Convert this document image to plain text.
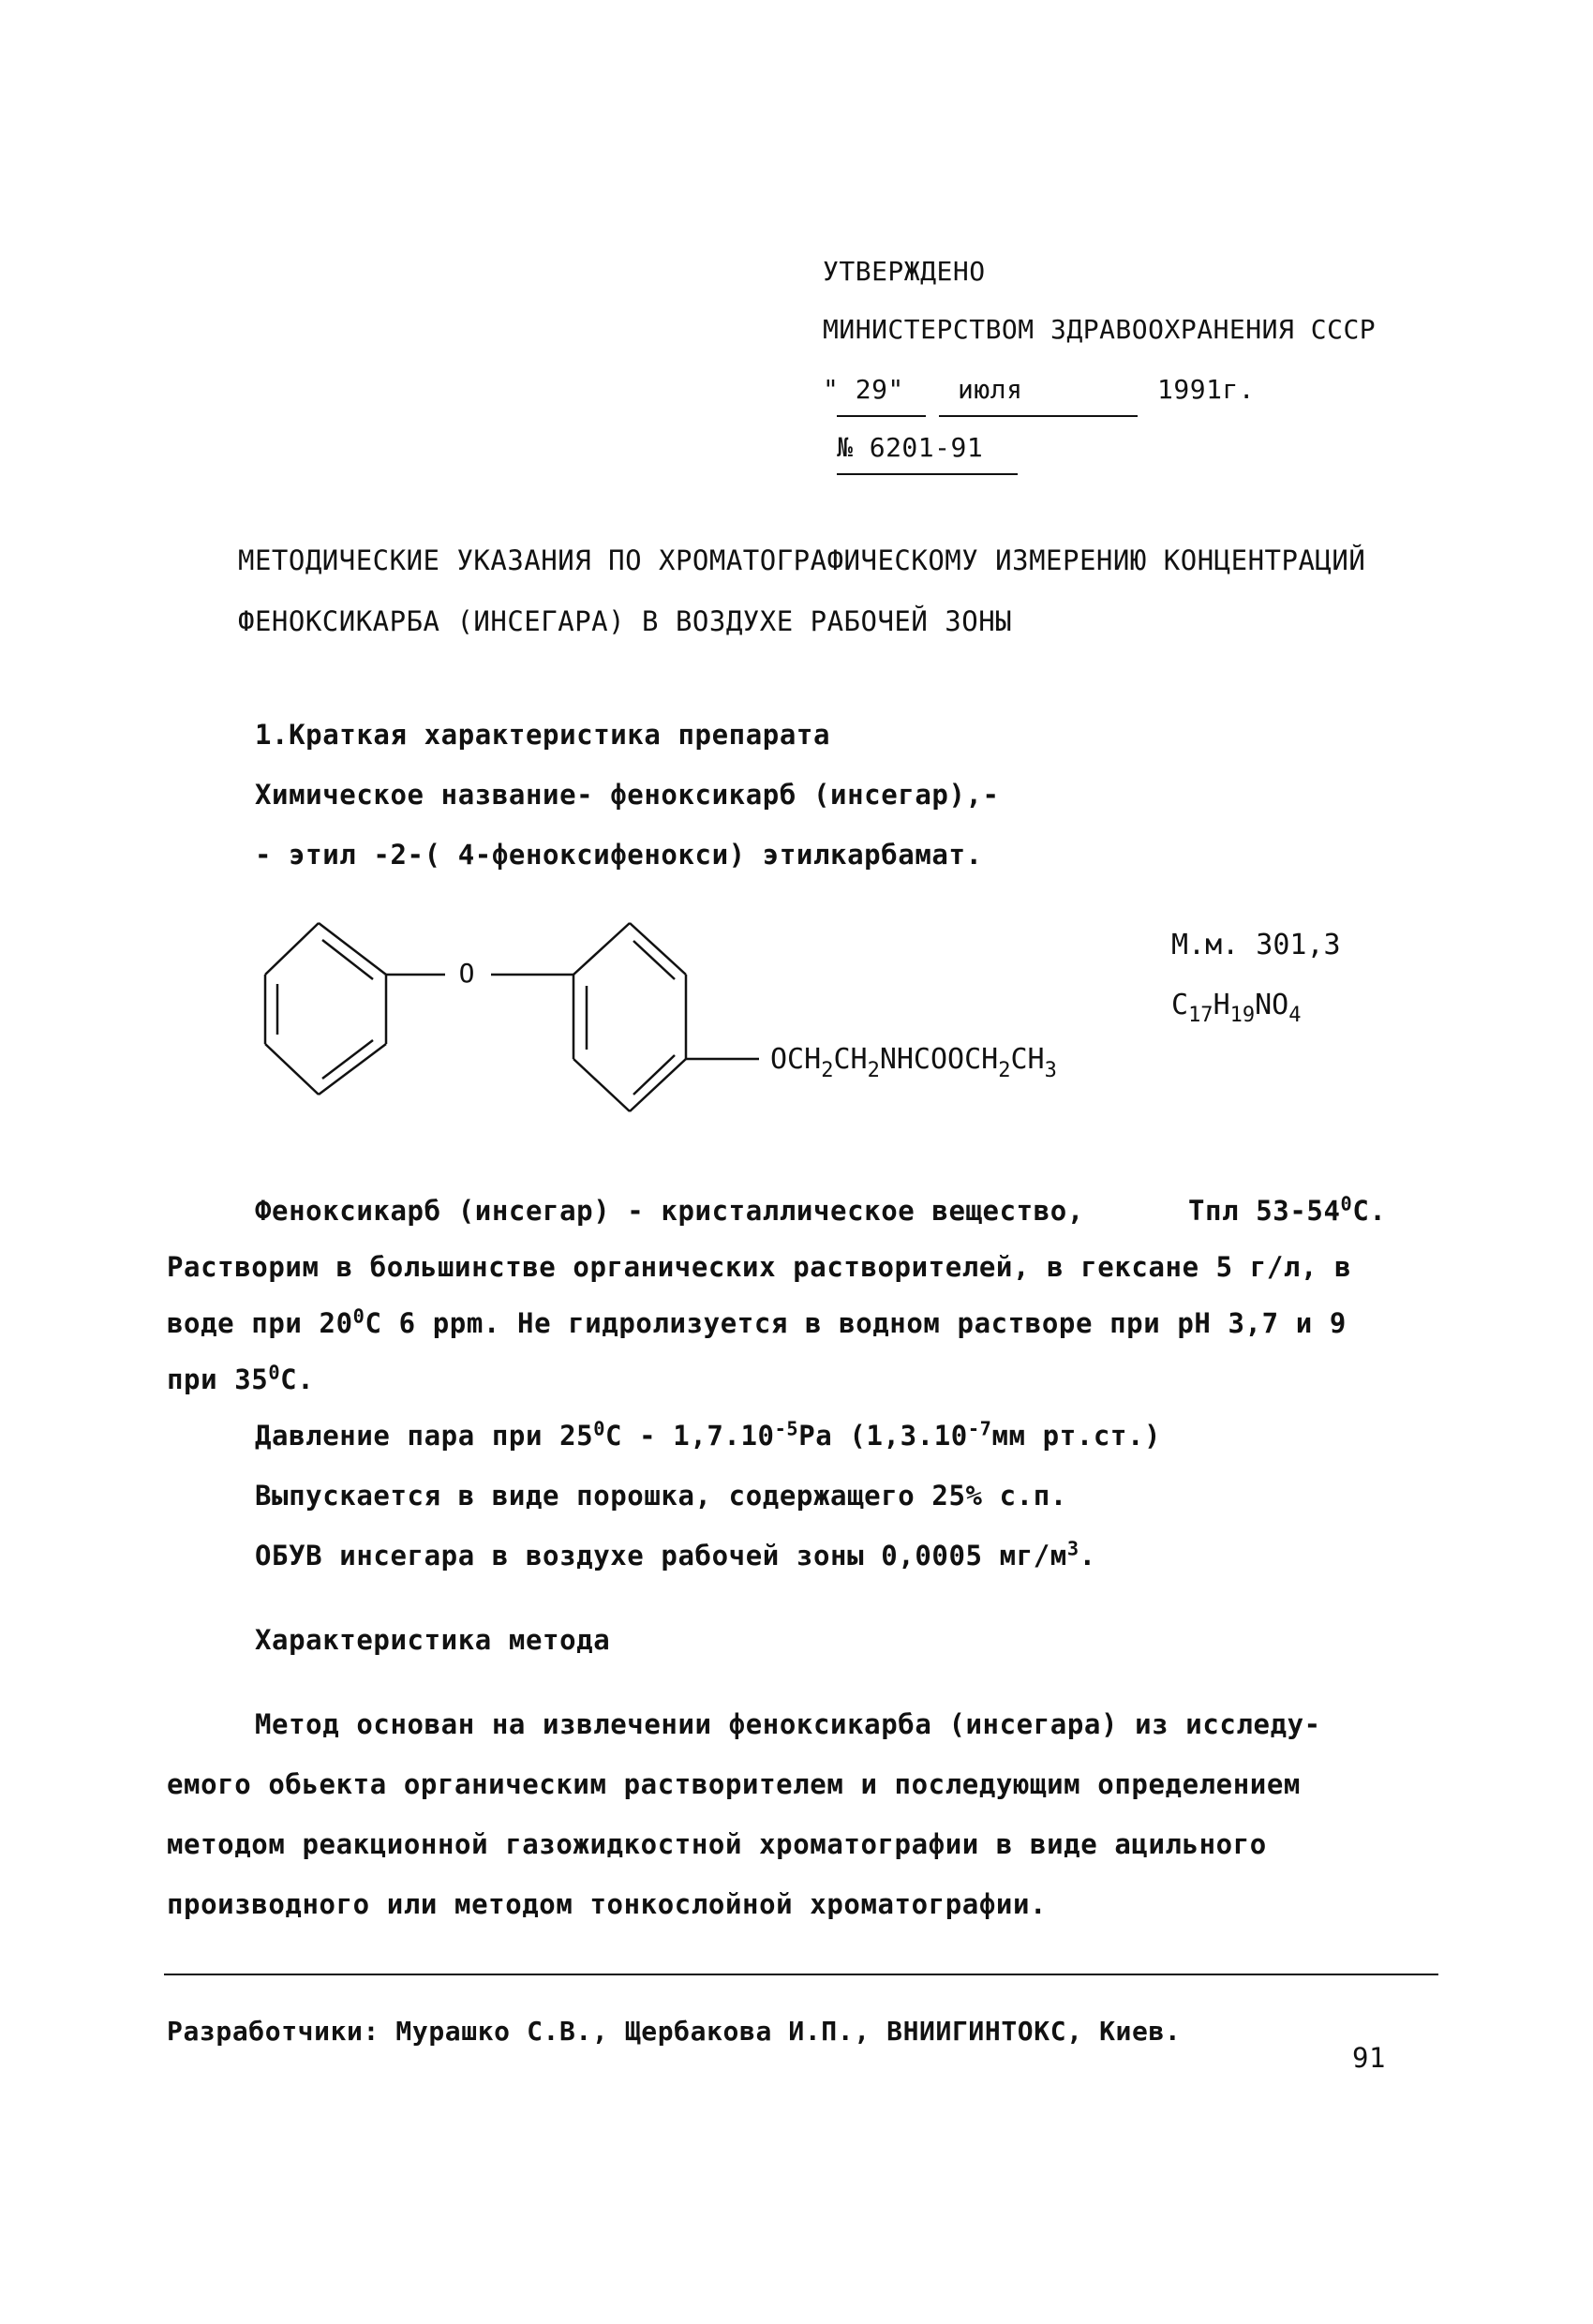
УТВЕРЖДЕНО
МИНИСТЕРСТВОМ ЗДРАВООХРАНЕНИЯ СССР
" 29" июля	1991г.
№ 6201-91
МЕТОДИЧЕСКИЕ УКАЗАНИЯ ПО ХРОМАТОГРАФИЧЕСКОМУ ИЗМЕРЕНИЮ КОНЦЕНТРАЦИЙ
ФЕНОКСИКАРБА (ИНСЕГАРА) В ВОЗДУХЕ РАБОЧЕЙ ЗОНЫ
1.Краткая характеристика препарата
Химическое название- феноксикарб (инсегар),-
- этил -2-( 4-феноксифенокси) этилкарбамат.
O
$OCH_2CH_2NHCOOCH_2CH_3$
М.м. 301,3
$C_{17}H_{19}NO_4$
Феноксикарб (инсегар) - кристаллическое вещество,	Тпл $53-54^0С$.
Растворим в большинстве органических растворителей, в гексане 5 г/л, в
воде при $20^0С$ 6 ppm. Не гидролизуется в водном растворе при рН 3,7 и 9
при $35^0С$.
Давление пара при $25^0С - 1,7.10^{-5}Ра$ ($1,3.10^{-7}мм$ рт.ст.)
Выпускается в виде порошка, содержащего 25% с.п.
ОБУВ инсегара в воздухе рабочей зоны 0,0005 $мг/м^3$.
Характеристика метода
Метод основан на извлечении феноксикарба (инсегара) из исследу-
емого обьекта органическим растворителем и последующим определением
методом реакционной газожидкостной хроматографии в виде ацильного
производного или методом тонкослойной хроматографии.
Разработчики: Мурашко С.В., Щербакова И.П., ВНИИГИНТОКС, Киев.
91
